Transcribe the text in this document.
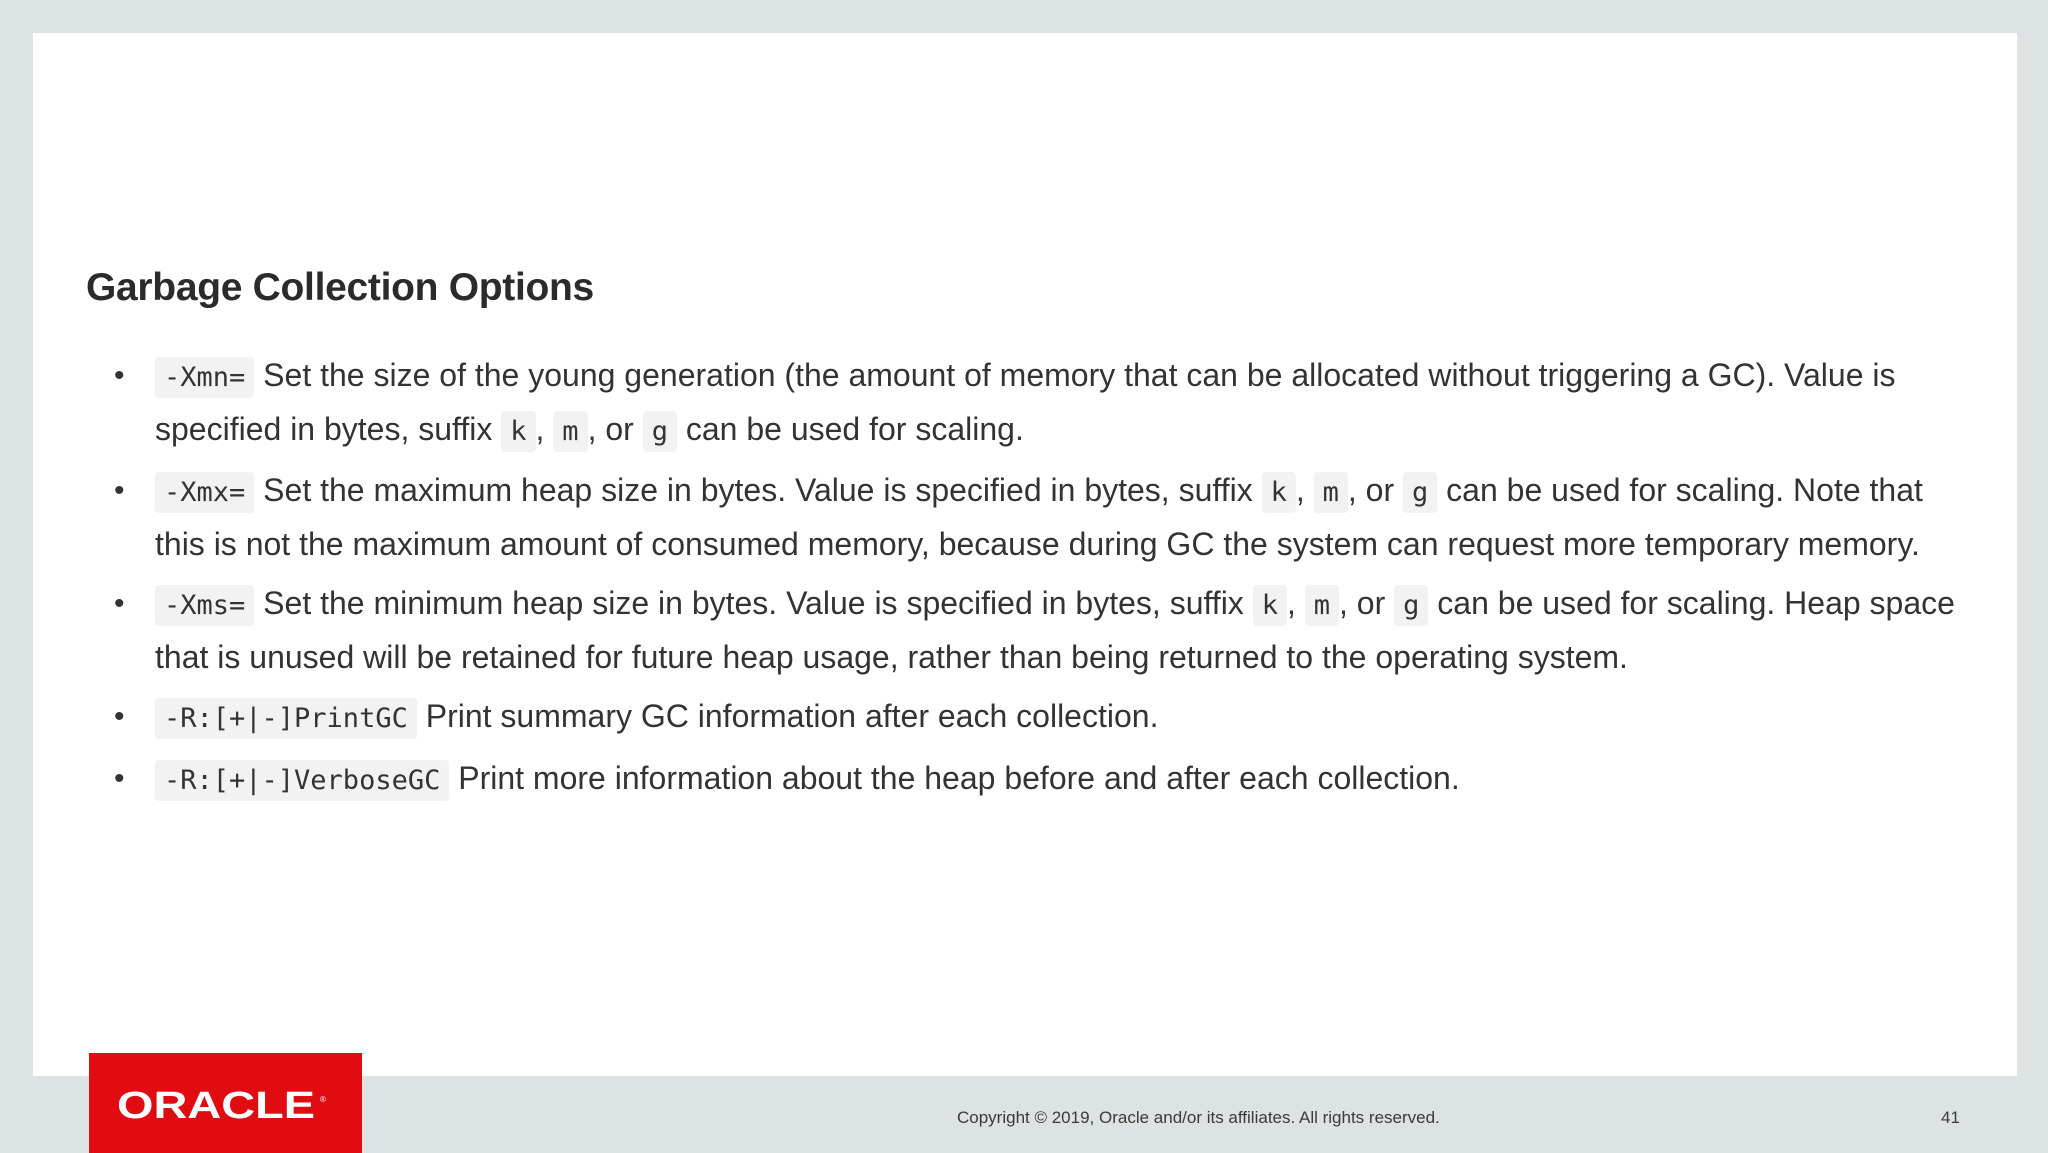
Garbage Collection Options
• -Xmn= Set the size of the young generation (the amount of memory that can be allocated without triggering a GC). Value is specified in bytes, suffix k , m , or g can be used for scaling.
• -Xmx= Set the maximum heap size in bytes. Value is specified in bytes, suffix k , m , or g can be used for scaling. Note that this is not the maximum amount of consumed memory, because during GC the system can request more temporary memory.
• -Xms= Set the minimum heap size in bytes. Value is specified in bytes, suffix k , m , or g can be used for scaling. Heap space that is unused will be retained for future heap usage, rather than being returned to the operating system.
• -R:[+|-]PrintGC Print summary GC information after each collection.
• -R:[+|-]VerboseGC Print more information about the heap before and after each collection.
ORACLE ®
Copyright © 2019, Oracle and/or its affiliates. All rights reserved.	41
